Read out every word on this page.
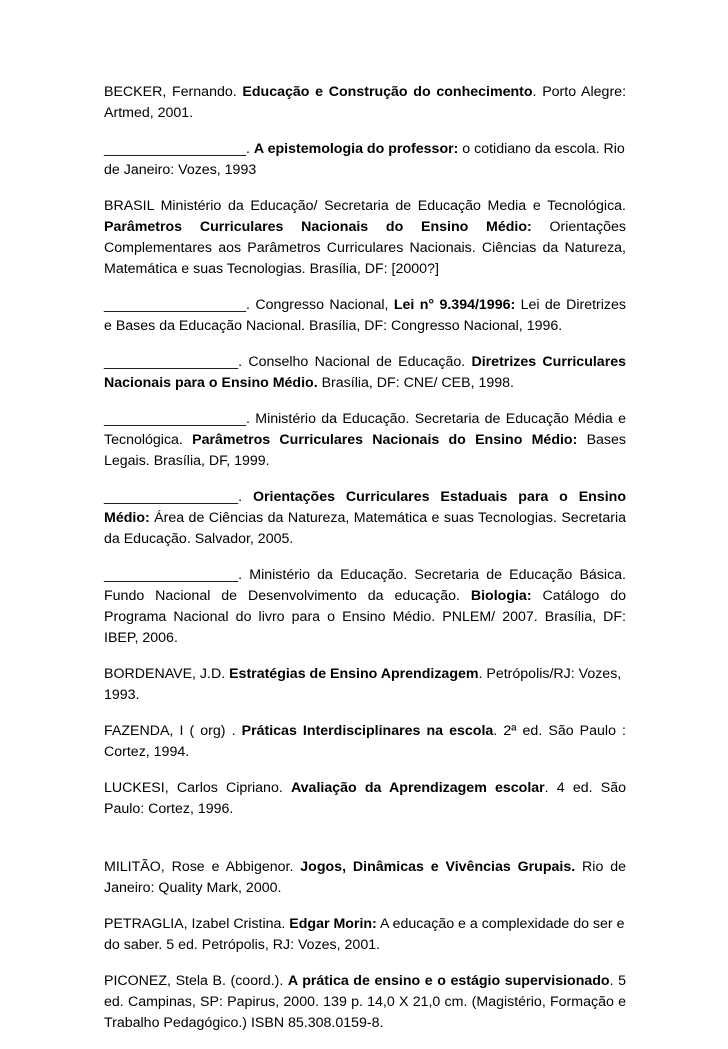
BECKER, Fernando. Educação e Construção do conhecimento. Porto Alegre: Artmed, 2001.

__________________. A epistemologia do professor: o cotidiano da escola. Rio de Janeiro: Vozes, 1993

BRASIL Ministério da Educação/ Secretaria de Educação Media e Tecnológica. Parâmetros Curriculares Nacionais do Ensino Médio: Orientações Complementares aos Parâmetros Curriculares Nacionais. Ciências da Natureza, Matemática e suas Tecnologias. Brasília, DF: [2000?]

__________________. Congresso Nacional, Lei n° 9.394/1996: Lei de Diretrizes e Bases da Educação Nacional. Brasília, DF: Congresso Nacional, 1996.

_________________. Conselho Nacional de Educação. Diretrizes Curriculares Nacionais para o Ensino Médio. Brasília, DF: CNE/ CEB, 1998.

__________________. Ministério da Educação. Secretaria de Educação Média e Tecnológica. Parâmetros Curriculares Nacionais do Ensino Médio: Bases Legais. Brasília, DF, 1999.

_________________. Orientações Curriculares Estaduais para o Ensino Médio: Área de Ciências da Natureza, Matemática e suas Tecnologias. Secretaria da Educação. Salvador, 2005.

_________________. Ministério da Educação. Secretaria de Educação Básica. Fundo Nacional de Desenvolvimento da educação. Biologia: Catálogo do Programa Nacional do livro para o Ensino Médio. PNLEM/ 2007. Brasília, DF: IBEP, 2006.

BORDENAVE, J.D. Estratégias de Ensino Aprendizagem. Petrópolis/RJ: Vozes, 1993.

FAZENDA, I ( org) . Práticas Interdisciplinares na escola. 2ª ed. São Paulo : Cortez, 1994.

LUCKESI, Carlos Cipriano. Avaliação da Aprendizagem escolar. 4 ed. São Paulo: Cortez, 1996.

MILITÃO, Rose e Abbigenor. Jogos, Dinâmicas e Vivências Grupais. Rio de Janeiro: Quality Mark, 2000.

PETRAGLIA, Izabel Cristina. Edgar Morin: A educação e a complexidade do ser e do saber. 5 ed. Petrópolis, RJ: Vozes, 2001.

PICONEZ, Stela B. (coord.). A prática de ensino e o estágio supervisionado. 5 ed. Campinas, SP: Papirus, 2000. 139 p. 14,0 X 21,0 cm. (Magistério, Formação e Trabalho Pedagógico.) ISBN 85.308.0159-8.
